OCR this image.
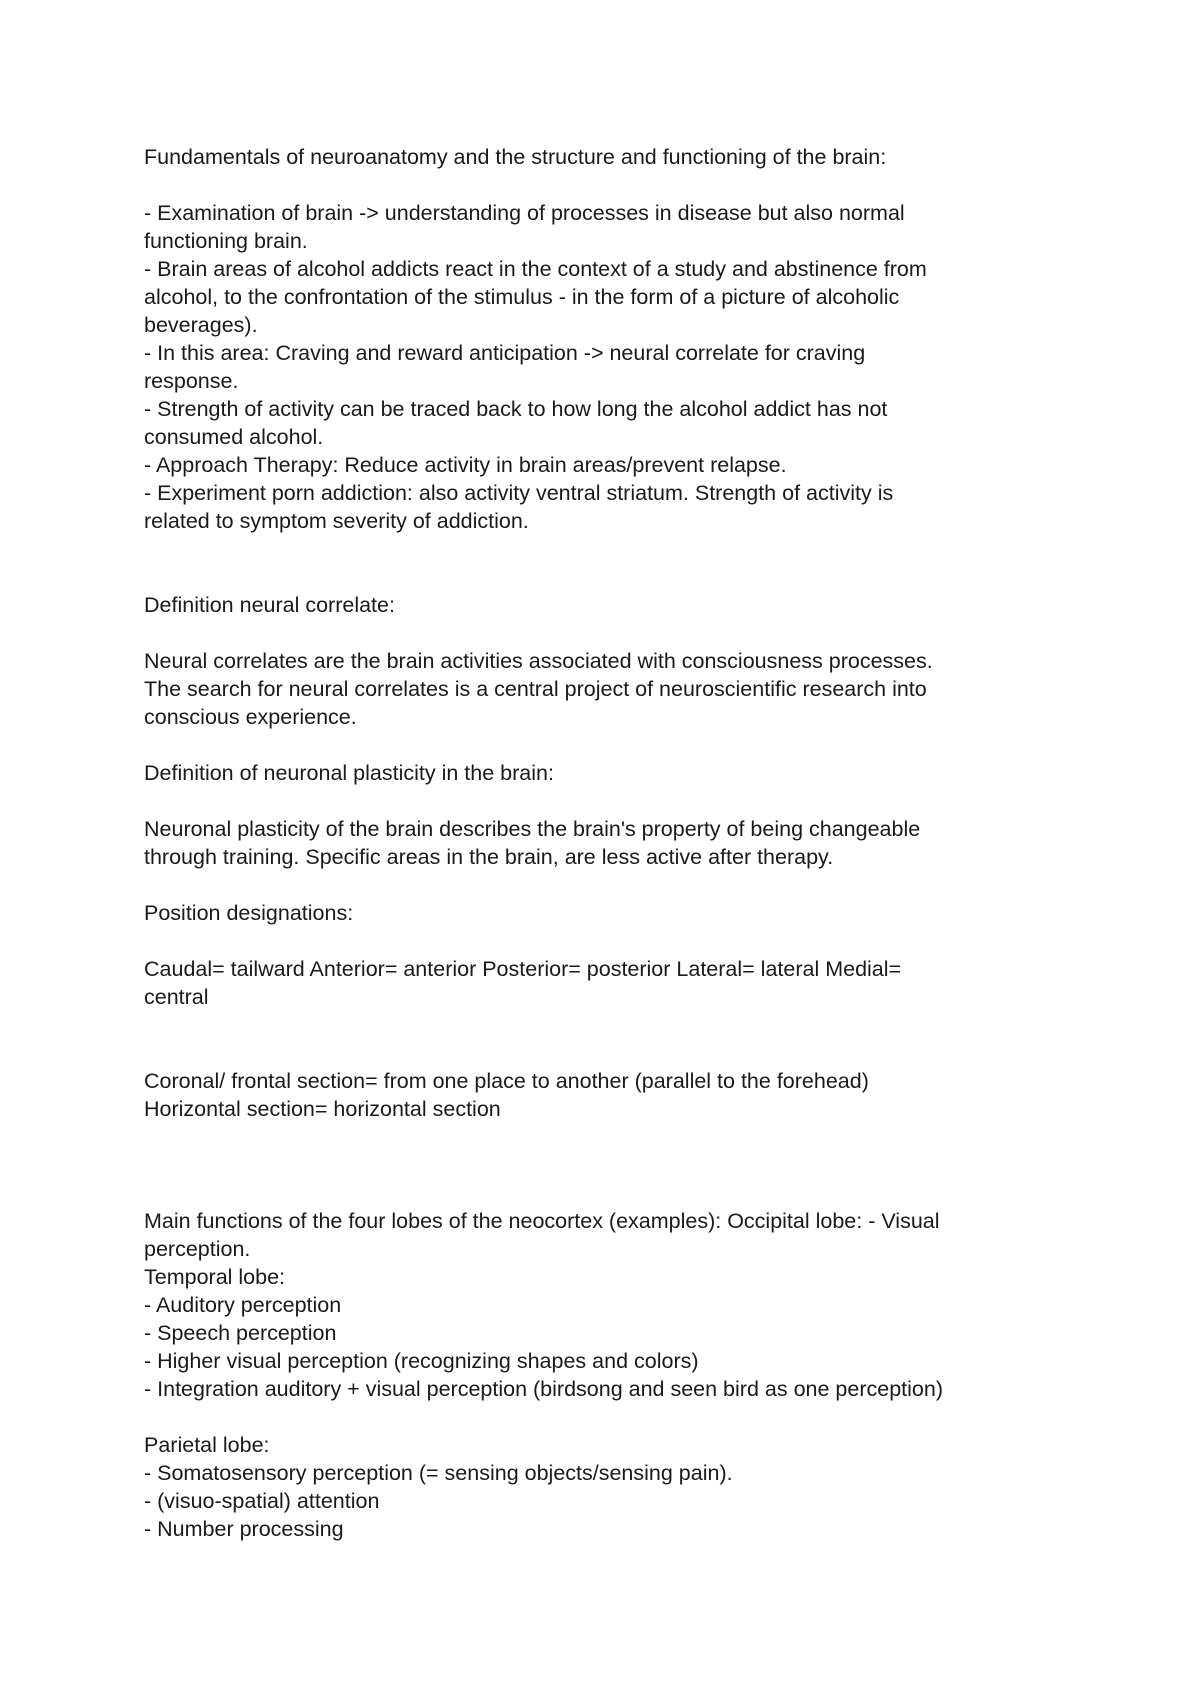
Fundamentals of neuroanatomy and the structure and functioning of the brain:
- Examination of brain -> understanding of processes in disease but also normal
functioning brain.
- Brain areas of alcohol addicts react in the context of a study and abstinence from
alcohol, to the confrontation of the stimulus - in the form of a picture of alcoholic
beverages).
- In this area: Craving and reward anticipation -> neural correlate for craving
response.
- Strength of activity can be traced back to how long the alcohol addict has not
consumed alcohol.
- Approach Therapy: Reduce activity in brain areas/prevent relapse.
- Experiment porn addiction: also activity ventral striatum. Strength of activity is
related to symptom severity of addiction.
Definition neural correlate:
Neural correlates are the brain activities associated with consciousness processes.
The search for neural correlates is a central project of neuroscientific research into
conscious experience.
Definition of neuronal plasticity in the brain:
Neuronal plasticity of the brain describes the brain's property of being changeable
through training. Specific areas in the brain, are less active after therapy.
Position designations:
Caudal= tailward Anterior= anterior Posterior= posterior Lateral= lateral Medial=
central
Coronal/ frontal section= from one place to another (parallel to the forehead)
Horizontal section= horizontal section
Main functions of the four lobes of the neocortex (examples): Occipital lobe: - Visual
perception.
Temporal lobe:
- Auditory perception
- Speech perception
- Higher visual perception (recognizing shapes and colors)
- Integration auditory + visual perception (birdsong and seen bird as one perception)
Parietal lobe:
- Somatosensory perception (= sensing objects/sensing pain).
- (visuo-spatial) attention
- Number processing
